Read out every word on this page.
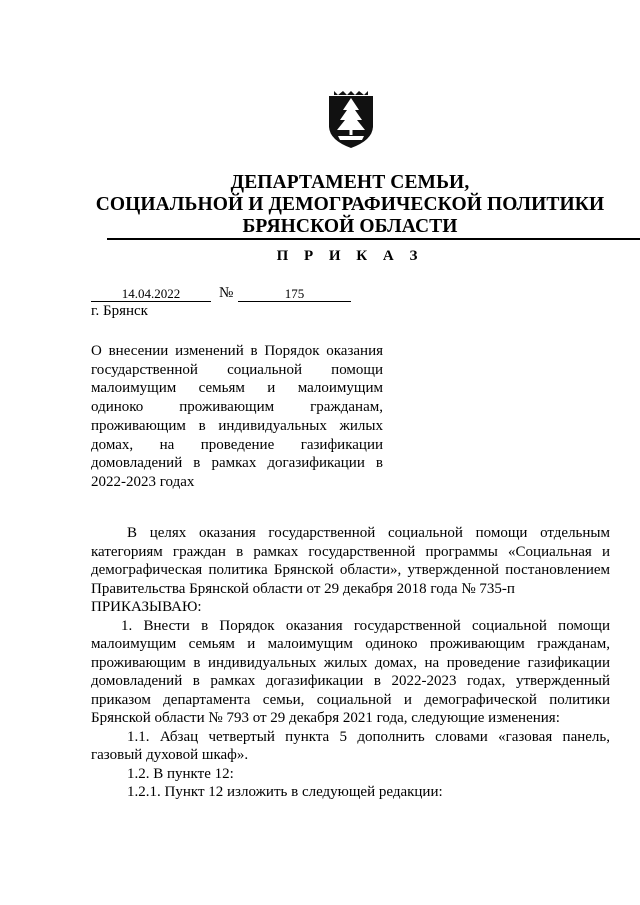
ДЕПАРТАМЕНТ СЕМЬИ,
СОЦИАЛЬНОЙ И ДЕМОГРАФИЧЕСКОЙ ПОЛИТИКИ
БРЯНСКОЙ ОБЛАСТИ
П Р И К А З
14.04.2022	№	175
г. Брянск
О внесении изменений в Порядок оказания
государственной социальной помощи
малоимущим семьям и малоимущим
одиноко проживающим гражданам,
проживающим в индивидуальных жилых
домах, на проведение газификации
домовладений в рамках догазификации в
2022-2023 годах
В целях оказания государственной социальной помощи отдельным
категориям граждан в рамках государственной программы «Социальная и
демографическая политика Брянской области», утвержденной постановлением
Правительства Брянской области от 29 декабря 2018 года № 735-п
ПРИКАЗЫВАЮ:
1. Внести в Порядок оказания государственной социальной помощи
малоимущим семьям и малоимущим одиноко проживающим гражданам,
проживающим в индивидуальных жилых домах, на проведение газификации
домовладений в рамках догазификации в 2022-2023 годах, утвержденный
приказом департамента семьи, социальной и демографической политики
Брянской области № 793 от 29 декабря 2021 года, следующие изменения:
1.1. Абзац четвертый пункта 5 дополнить словами «газовая панель,
газовый духовой шкаф».
1.2. В пункте 12:
1.2.1. Пункт 12 изложить в следующей редакции:
